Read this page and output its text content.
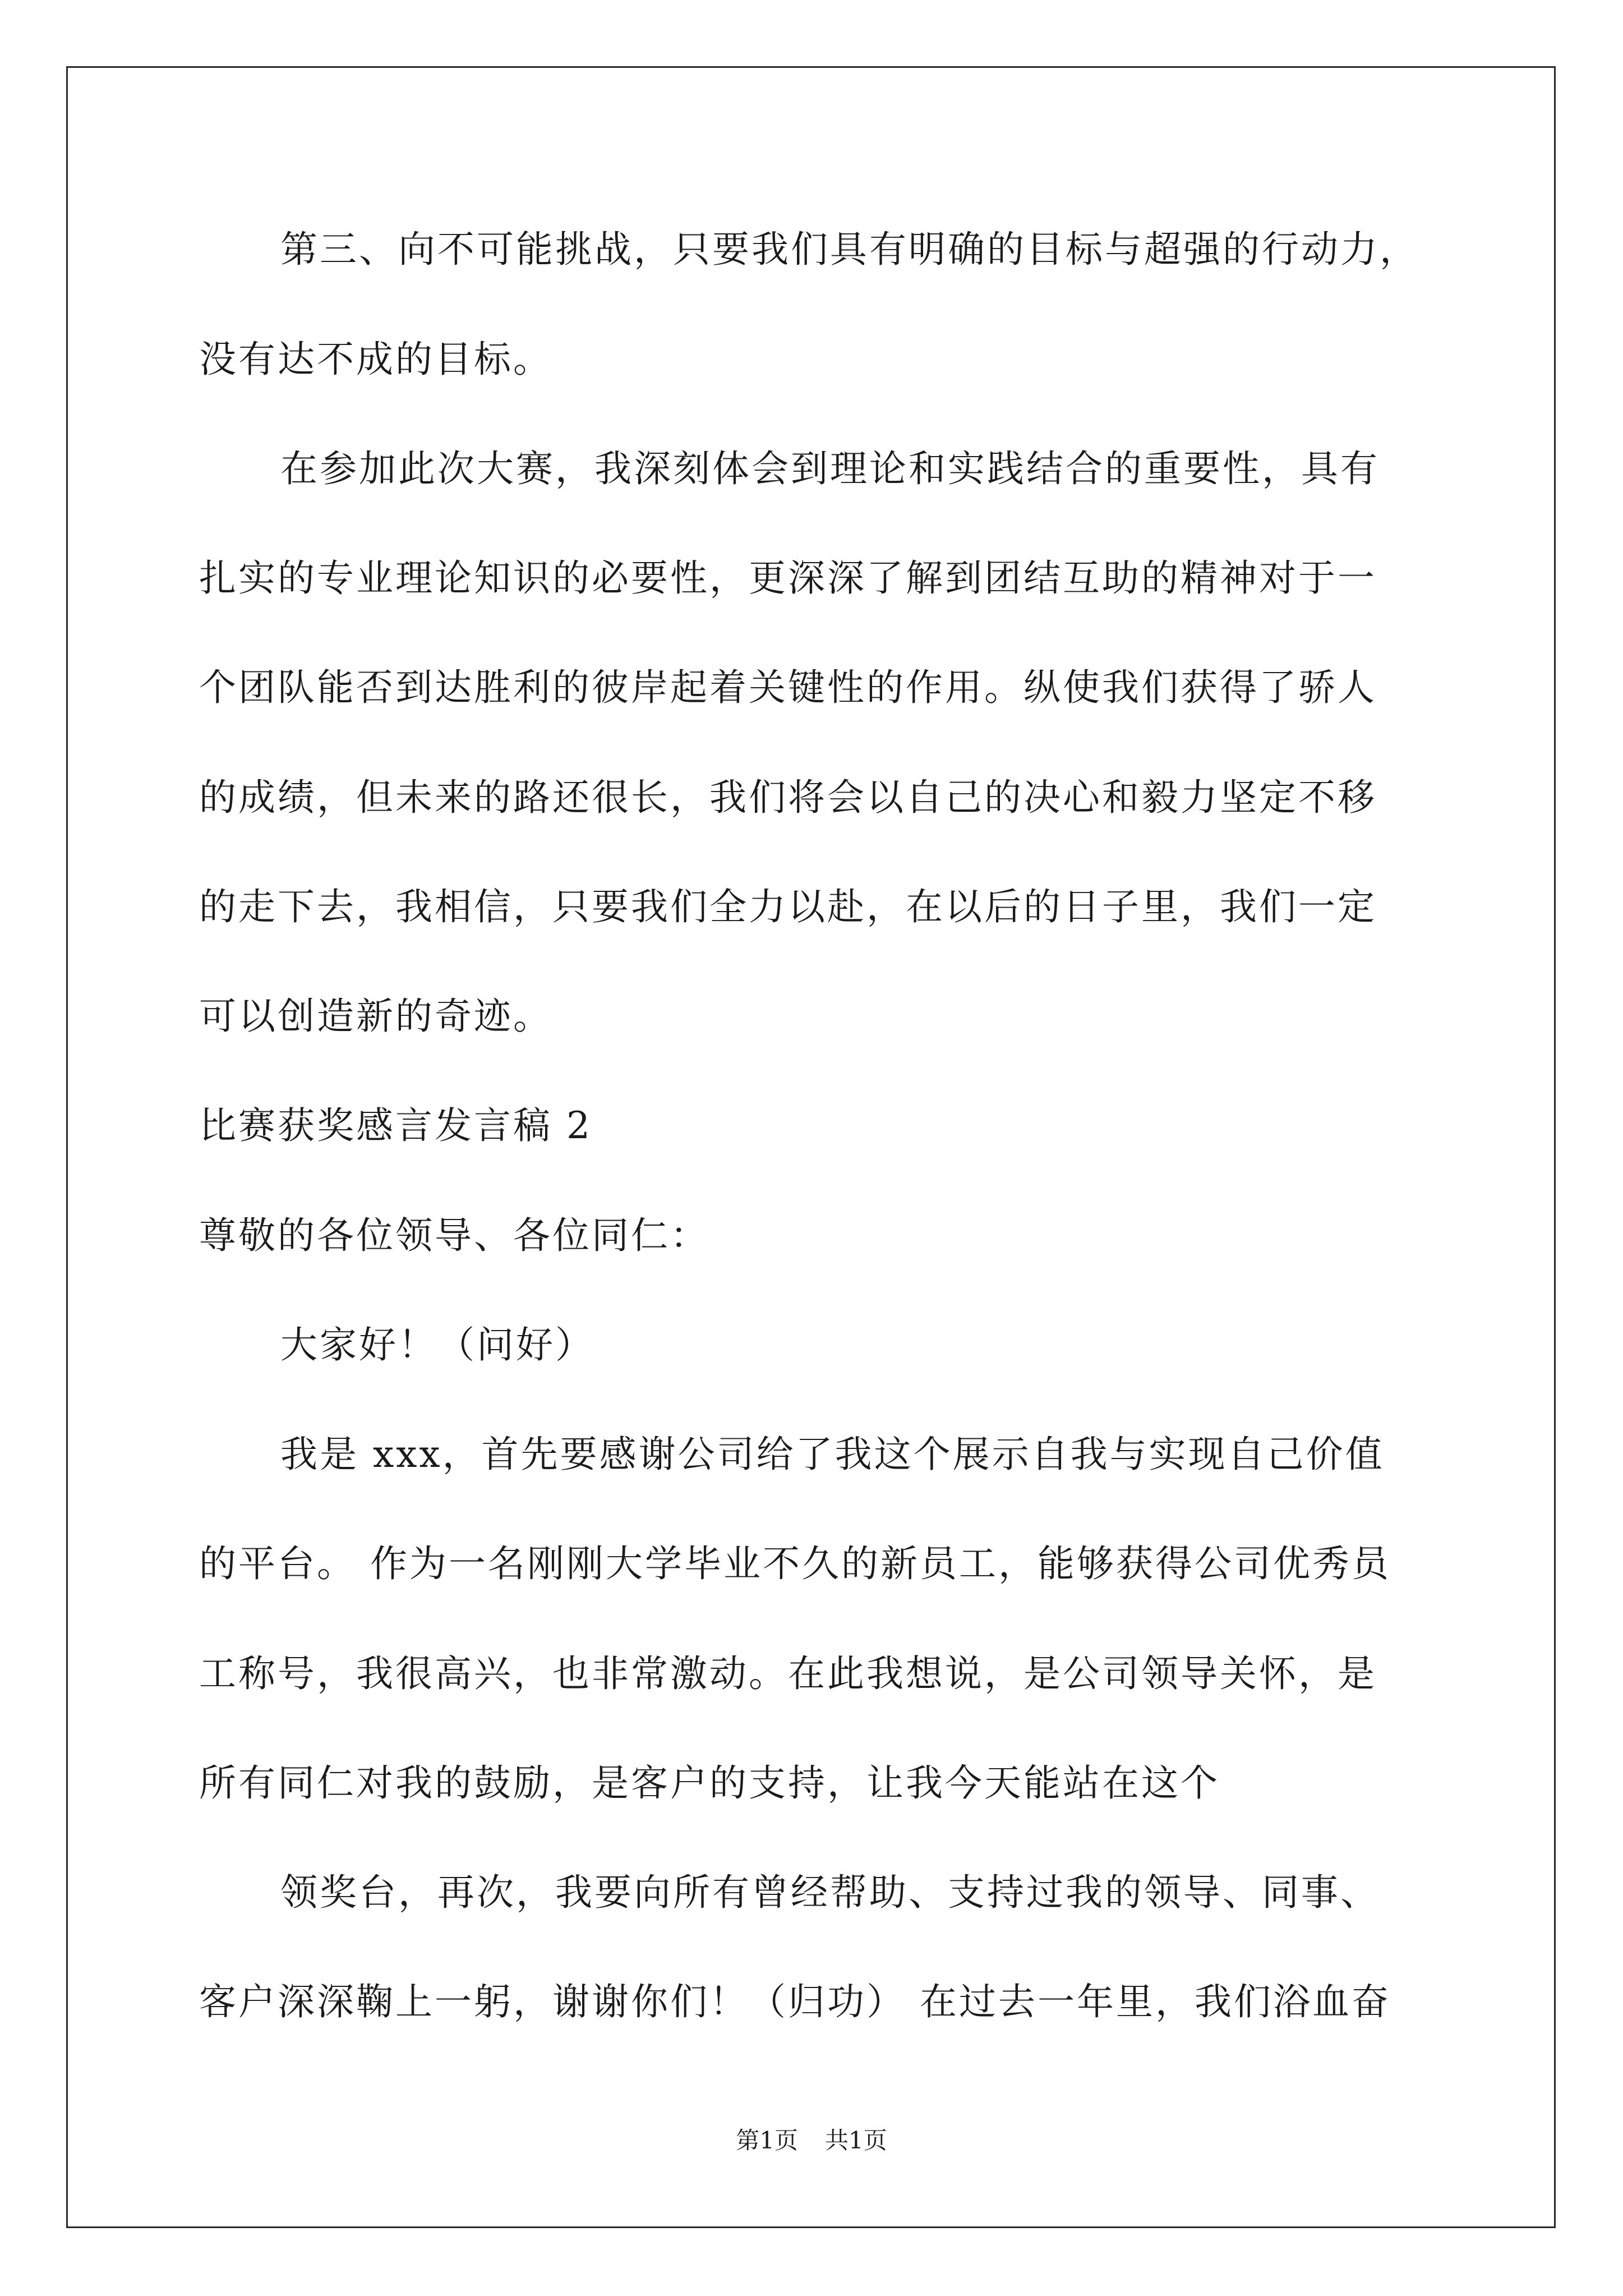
第三、向不可能挑战，只要我们具有明确的目标与超强的行动力，
没有达不成的目标。
在参加此次大赛，我深刻体会到理论和实践结合的重要性，具有
扎实的专业理论知识的必要性，更深深了解到团结互助的精神对于一
个团队能否到达胜利的彼岸起着关键性的作用。纵使我们获得了骄人
的成绩，但未来的路还很长，我们将会以自己的决心和毅力坚定不移
的走下去，我相信，只要我们全力以赴，在以后的日子里，我们一定
可以创造新的奇迹。
比赛获奖感言发言稿 2
尊敬的各位领导、各位同仁：
大家好！（问好）
我是 xxx，首先要感谢公司给了我这个展示自我与实现自己价值
的平台。 作为一名刚刚大学毕业不久的新员工，能够获得公司优秀员
工称号，我很高兴，也非常激动。在此我想说，是公司领导关怀，是
所有同仁对我的鼓励，是客户的支持，让我今天能站在这个
领奖台，再次，我要向所有曾经帮助、支持过我的领导、同事、
客户深深鞠上一躬，谢谢你们！（归功） 在过去一年里，我们浴血奋
第1页 共1页
